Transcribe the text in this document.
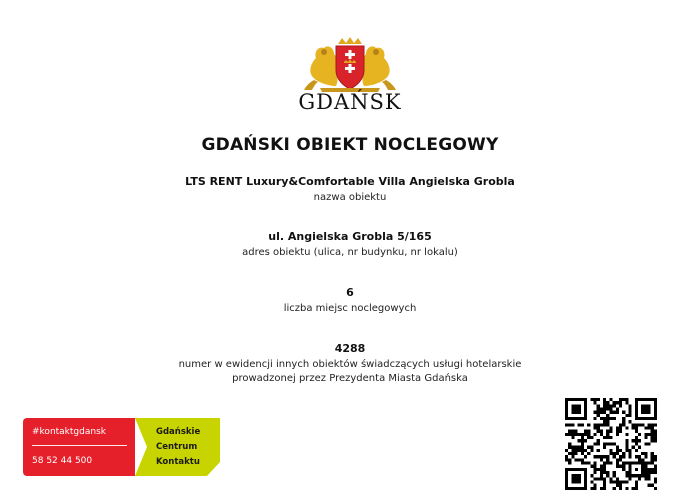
GDAŃSK
GDAŃSKI OBIEKT NOCLEGOWY
LTS RENT Luxury&Comfortable Villa Angielska Grobla
nazwa obiektu
ul. Angielska Grobla 5/165
adres obiektu (ulica, nr budynku, nr lokalu)
6
liczba miejsc noclegowych
4288
numer w ewidencji innych obiektów świadczących usługi hotelarskie
prowadzonej przez Prezydenta Miasta Gdańska
#kontaktgdansk
58 52 44 500
Gdańskie
Centrum
Kontaktu
